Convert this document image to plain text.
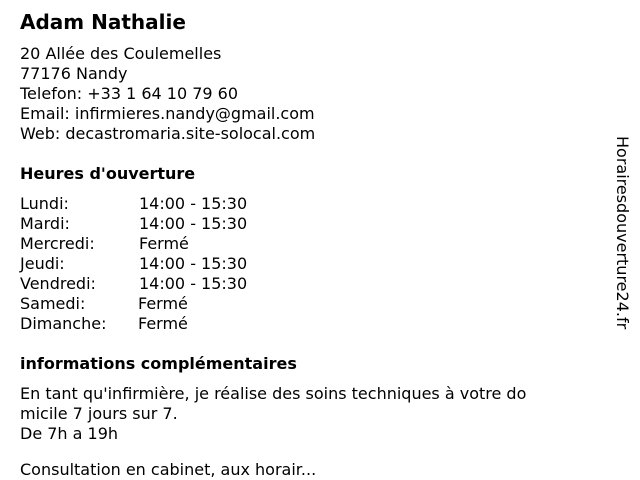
Adam Nathalie
20 Allée des Coulemelles
77176 Nandy
Telefon: +33 1 64 10 79 60
Email: infirmieres.nandy@gmail.com
Web: decastromaria.site-solocal.com
Heures d'ouverture
Lundi:	14:00 - 15:30
Mardi:	14:00 - 15:30
Mercredi:	Fermé
Jeudi:	14:00 - 15:30
Vendredi:	14:00 - 15:30
Samedi:	Fermé
Dimanche: Fermé
informations complémentaires
En tant qu'infirmière, je réalise des soins techniques à votre do
micile 7 jours sur 7.
De 7h a 19h
Consultation en cabinet, aux horair...
Horairesdouverture24.fr
